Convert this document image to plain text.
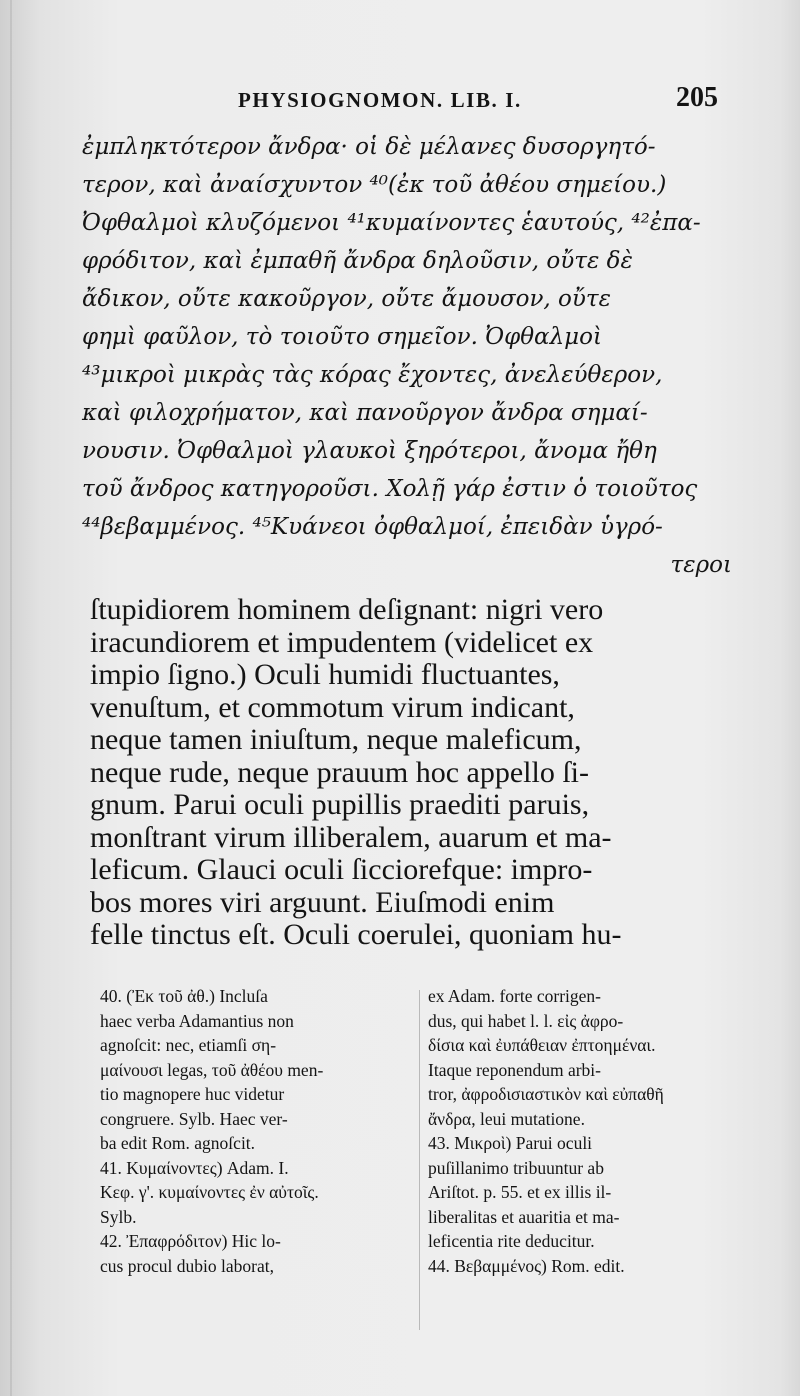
PHYSIOGNOMON. LIB. I.	205
ἐμπληκτότερον ἄνδρα· οἱ δὲ μέλανες δυσοργητό-
τερον, καὶ ἀναίσχυντον ⁴⁰(ἐκ τοῦ ἀθέου σημείου.)
Ὀφθαλμοὶ κλυζόμενοι ⁴¹κυμαίνοντες ἑαυτούς, ⁴²ἐπα-
φρόδιτον, καὶ ἐμπαθῆ ἄνδρα δηλοῦσιν, οὔτε δὲ
ἄδικον, οὔτε κακοῦργον, οὔτε ἄμουσον, οὔτε
φημὶ φαῦλον, τὸ τοιοῦτο σημεῖον. Ὀφθαλμοὶ
⁴³μικροὶ μικρὰς τὰς κόρας ἔχοντες, ἀνελεύθερον,
καὶ φιλοχρήματον, καὶ πανοῦργον ἄνδρα σημαί-
νουσιν. Ὀφθαλμοὶ γλαυκοὶ ξηρότεροι, ἄνομα ἤθη
τοῦ ἄνδρος κατηγοροῦσι. Χολῇ γάρ ἐστιν ὁ τοιοῦτος
⁴⁴βεβαμμένος. ⁴⁵Κυάνεοι ὀφθαλμοί, ἐπειδὰν ὑγρό-
τεροι
ſtupidiorem hominem deſignant: nigri vero
iracundiorem et impudentem (videlicet ex
impio ſigno.) Oculi humidi fluctuantes,
venuſtum, et commotum virum indicant,
neque tamen iniuſtum, neque maleficum,
neque rude, neque prauum hoc appello ſi-
gnum. Parui oculi pupillis praediti paruis,
monſtrant virum illiberalem, auarum et ma-
leficum. Glauci oculi ſicciorefque: impro-
bos mores viri arguunt. Eiuſmodi enim
felle tinctus eſt. Oculi coerulei, quoniam hu-
40. (Ἐκ τοῦ ἀθ.) Incluſa
haec verba Adamantius non
agnoſcit: nec, etiamſi ση-
μαίνουσι legas, τοῦ ἀθέου men-
tio magnopere huc videtur
congruere. Sylb. Haec ver-
ba edit Rom. agnoſcit.
41. Κυμαίνοντες) Adam. I.
Κεφ. γ'. κυμαίνοντες ἐν αὐτοῖς.
Sylb.
42. Ἐπαφρόδιτον) Hic lo-
cus procul dubio laborat,
ex Adam. forte corrigen-
dus, qui habet l. l. εἰς ἀφρο-
δίσια καὶ ἐυπάθειαν ἐπτοημέναι.
Itaque reponendum arbi-
tror, ἀφροδισιαστικὸν καὶ εὐπαθῆ
ἄνδρα, leui mutatione.
43. Μικροὶ) Parui oculi
puſillanimo tribuuntur ab
Ariſtot. p. 55. et ex illis il-
liberalitas et auaritia et ma-
leficentia rite deducitur.
44. Βεβαμμένος) Rom. edit.
